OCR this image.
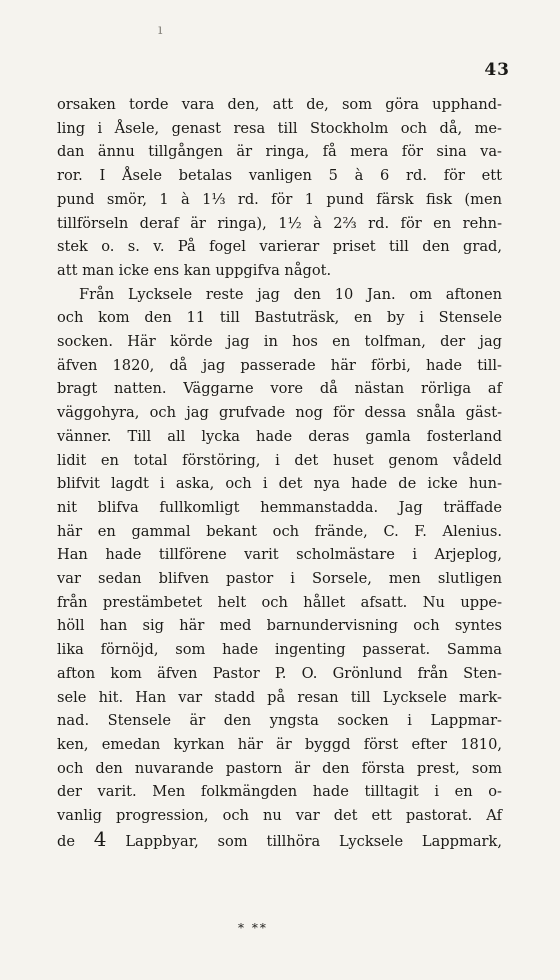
ı
43

orsaken torde vara den, att de, som göra upphand-
ling i Åsele, genast resa till Stockholm och då, me-
dan ännu tillgången är ringa, få mera för sina va-
ror. I Åsele betalas vanligen 5 à 6 rd. för ett
pund smör, 1 à 1⅓ rd. för 1 pund färsk fisk (men
tillförseln deraf är ringa), 1½ à 2⅔ rd. för en rehn-
stek o. s. v. På fogel varierar priset till den grad,
att man icke ens kan uppgifva något.

Från Lycksele reste jag den 10 Jan. om aftonen
och kom den 11 till Bastuträsk, en by i Stensele
socken. Här körde jag in hos en tolfman, der jag
äfven 1820, då jag passerade här förbi, hade till-
bragt natten. Väggarne vore då nästan rörliga af
väggohyra, och jag grufvade nog för dessa snåla gäst-
vänner. Till all lycka hade deras gamla fosterland
lidit en total förstöring, i det huset genom vådeld
blifvit lagdt i aska, och i det nya hade de icke hun-
nit blifva fullkomligt hemmanstadda. Jag träffade
här en gammal bekant och frände, C. F. Alenius.
Han hade tillförene varit scholmästare i Arjeplog,
var sedan blifven pastor i Sorsele, men slutligen
från prestämbetet helt och hållet afsatt. Nu uppe-
höll han sig här med barnundervisning och syntes
lika förnöjd, som hade ingenting passerat. Samma
afton kom äfven Pastor P. O. Grönlund från Sten-
sele hit. Han var stadd på resan till Lycksele mark-
nad. Stensele är den yngsta socken i Lappmar-
ken, emedan kyrkan här är byggd först efter 1810,
och den nuvarande pastorn är den första prest, som
der varit. Men folkmängden hade tilltagit i en o-
vanlig progression, och nu var det ett pastorat. Af
de 4 Lappbyar, som tillhöra Lycksele Lappmark,

* **
